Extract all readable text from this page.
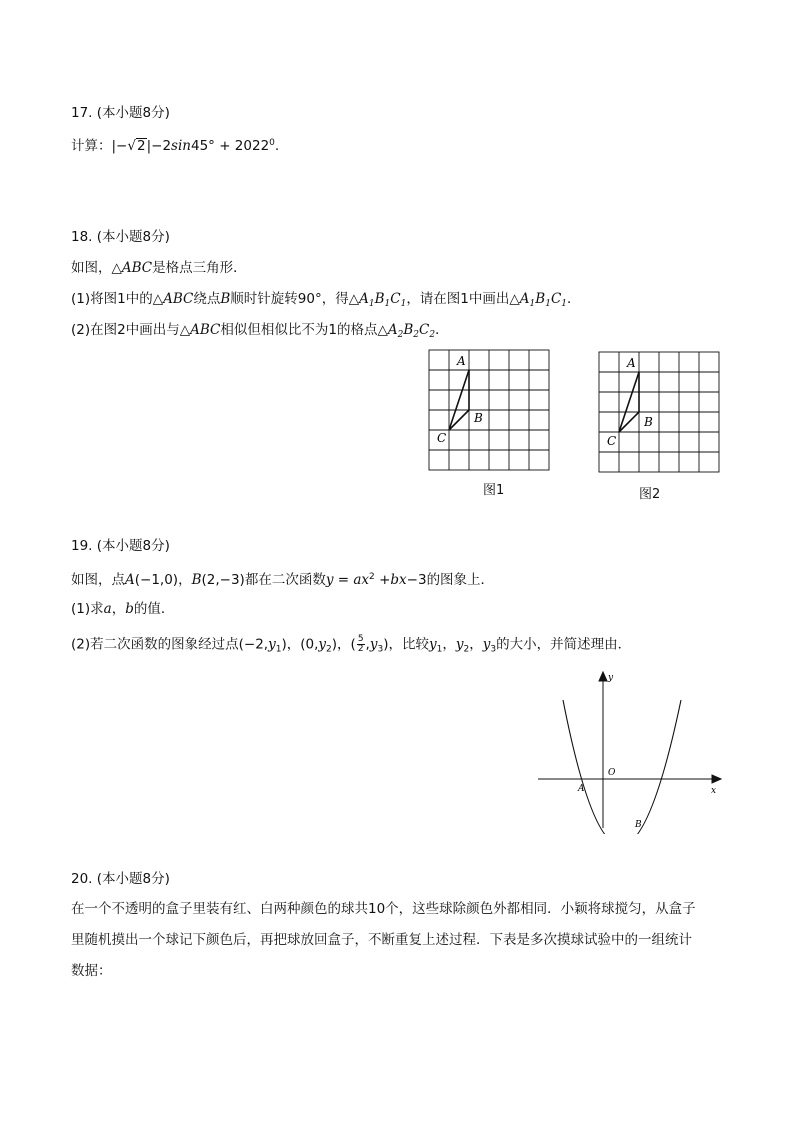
17. (本小题8分)
计算：$|-√2|-2\sin 45^\circ + 2022^0$.
18. (本小题8分)
如图，△ABC是格点三角形．
(1)将图1中的△ABC绕点B顺时针旋转90°，得$\triangle A_1B_1C_1$，请在图1中画出$\triangle A_1B_1C_1$．
(2)在图2中画出与△ABC相似但相似比不为1的格点$\triangle A_2B_2C_2$．
A
B
C
图1
A
B
C
图2
19. (本小题8分)
如图，点A(−1,0)，B(2,−3)都在二次函数$y = ax^2 +bx-3$的图象上．
(1)求a，b的值．
(2)若二次函数的图象经过点$(-2,y_1)$，$(0,y_2)$，( $\frac{5}{2} ,y_3$)，比较$y_1$，$y_2$，$y_3$的大小，并简述理由．
y
x
O
A
B
20. (本小题8分)
在一个不透明的盒子里装有红、白两种颜色的球共10个，这些球除颜色外都相同．小颖将球搅匀，从盒子
里随机摸出一个球记下颜色后，再把球放回盒子，不断重复上述过程．下表是多次摸球试验中的一组统计
数据：
